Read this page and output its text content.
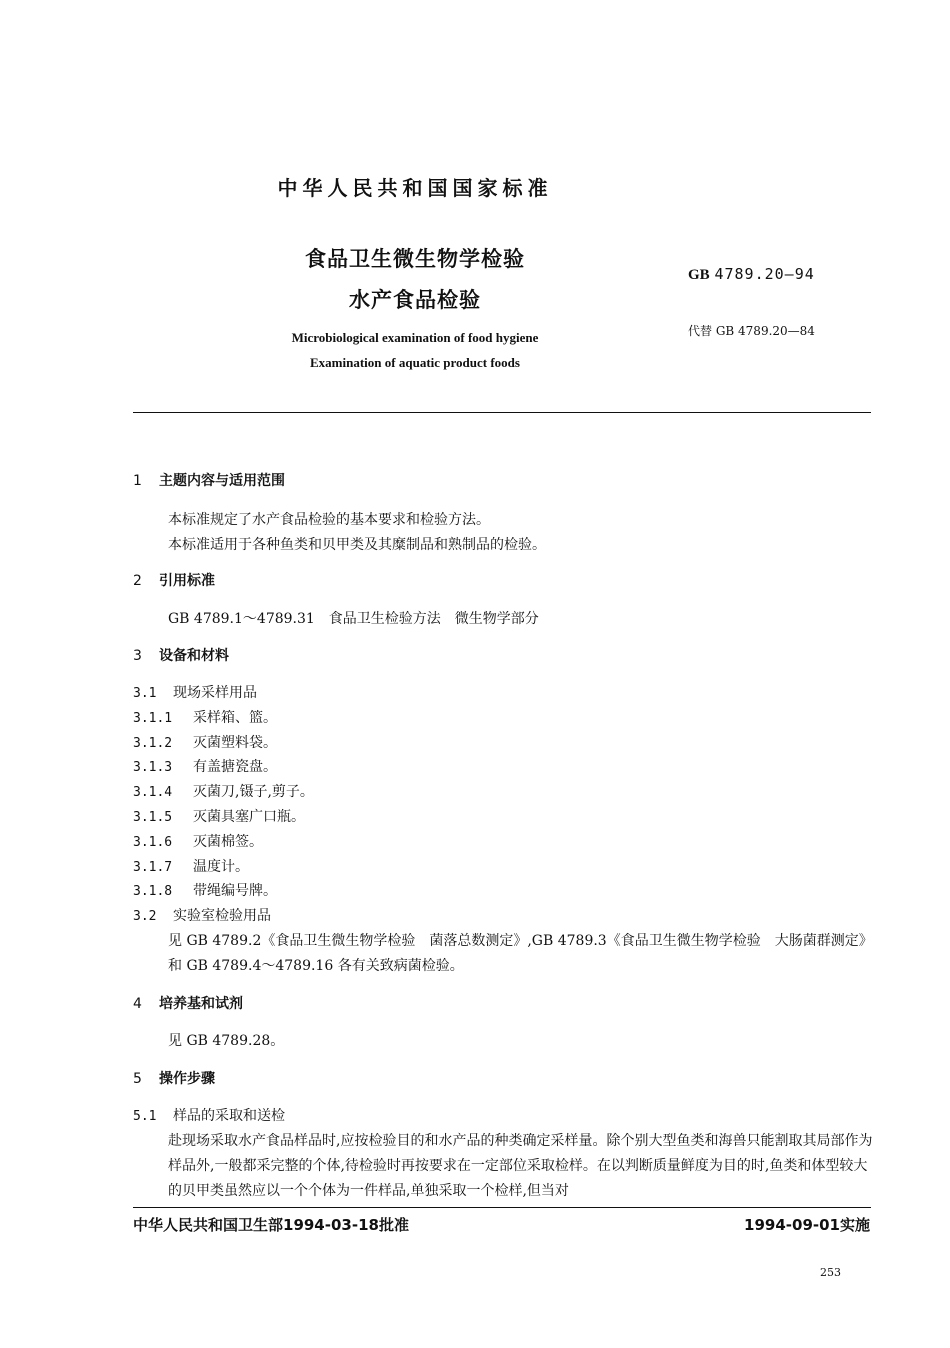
中华人民共和国国家标准
食品卫生微生物学检验
水产食品检验
Microbiological examination of food hygiene
Examination of aquatic product foods
GB 4789.20—94
代替 GB 4789.20—84
1 主题内容与适用范围
本标准规定了水产食品检验的基本要求和检验方法。
本标准适用于各种鱼类和贝甲类及其糜制品和熟制品的检验。
2 引用标准
GB 4789.1～4789.31　食品卫生检验方法　微生物学部分
3 设备和材料
3.1 现场采样用品
3.1.1 采样箱、篮。
3.1.2 灭菌塑料袋。
3.1.3 有盖搪瓷盘。
3.1.4 灭菌刀,镊子,剪子。
3.1.5 灭菌具塞广口瓶。
3.1.6 灭菌棉签。
3.1.7 温度计。
3.1.8 带绳编号牌。
3.2 实验室检验用品
见 GB 4789.2《食品卫生微生物学检验　菌落总数测定》,GB 4789.3《食品卫生微生物学检验　大肠菌群测定》和 GB 4789.4～4789.16 各有关致病菌检验。
4 培养基和试剂
见 GB 4789.28。
5 操作步骤
5.1 样品的采取和送检
赴现场采取水产食品样品时,应按检验目的和水产品的种类确定采样量。除个别大型鱼类和海兽只能割取其局部作为样品外,一般都采完整的个体,待检验时再按要求在一定部位采取检样。在以判断质量鲜度为目的时,鱼类和体型较大的贝甲类虽然应以一个个体为一件样品,单独采取一个检样,但当对
中华人民共和国卫生部1994-03-18批准	1994-09-01实施
253
